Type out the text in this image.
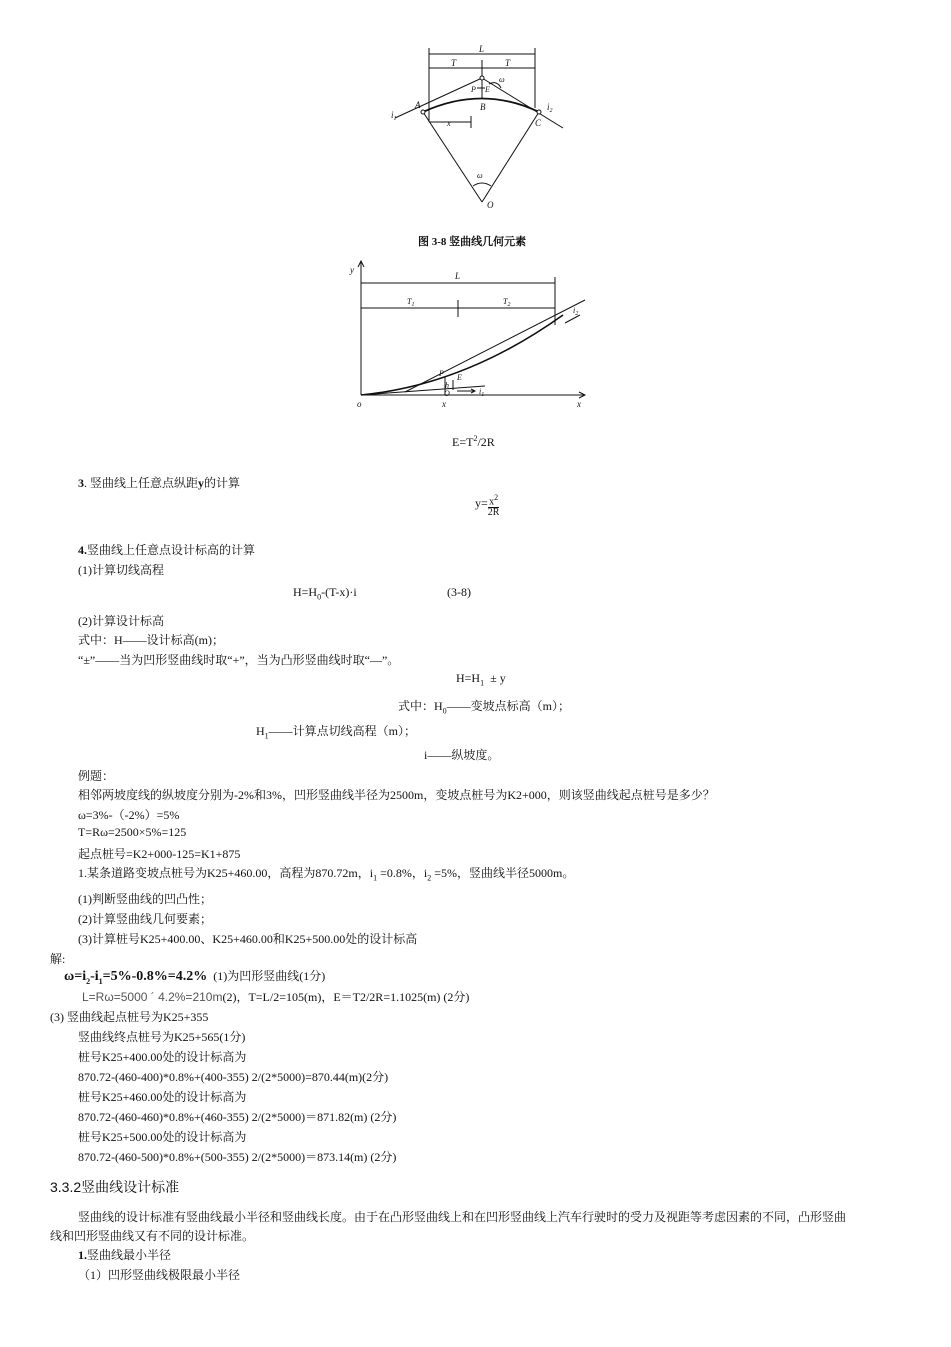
L
T	T
ω
P E
A	B
C
$i_1$
$i_2$
x
ω
O
图 3-8 竖曲线几何元素
y
L
$T_1$	$T_2$
$i_2$
P
h
E
O	$i_1$
o	x	x
$E=T^2/2R$
3. 竖曲线上任意点纵距y的计算
$y= \frac{x^2}{2R}$
4.竖曲线上任意点设计标高的计算
(1)计算切线高程
$H=H_0-(T-x)\cdot i$	(3-8)
(2)计算设计标高
式中：H——设计标高(m)；
“±”——当为凹形竖曲线时取“+”，当为凸形竖曲线时取“—”。
$H=H_1 \pm y$
式中：$H_0——$变坡点标高（m）；
$H_1——$计算点切线高程（m）；
i——纵坡度。
例题：
相邻两坡度线的纵坡度分别为-2%和3%，凹形竖曲线半径为2500m，变坡点桩号为K2+000，则该竖曲线起点桩号是多少？
ω=3%-（-2%）=5%
T=Rω=2500×5%=125
起点桩号=K2+000-125=K1+875
1.某条道路变坡点桩号为K25+460.00，高程为870.72m，$i_1 =0.8\%$，$i_2 =5\%$，竖曲线半径5000m。
(1)判断竖曲线的凹凸性；
(2)计算竖曲线几何要素；
(3)计算桩号K25+400.00、K25+460.00和K25+500.00处的设计标高
解:
$\omega=i_2-i_1=5\%-0.8\%=4.2\%$ (1)为凹形竖曲线(1分)
L=Rω=5000 ´ 4.2%=210m(2)，T=L/2=105(m)，E＝T2/2R=1.1025(m) (2分)
(3) 竖曲线起点桩号为K25+355
竖曲线终点桩号为K25+565(1分)
桩号K25+400.00处的设计标高为
870.72-(460-400)*0.8%+(400-355) 2/(2*5000)=870.44(m)(2分)
桩号K25+460.00处的设计标高为
870.72-(460-460)*0.8%+(460-355) 2/(2*5000)＝871.82(m) (2分)
桩号K25+500.00处的设计标高为
870.72-(460-500)*0.8%+(500-355) 2/(2*5000)＝873.14(m) (2分)
3.3.2竖曲线设计标准
竖曲线的设计标准有竖曲线最小半径和竖曲线长度。由于在凸形竖曲线上和在凹形竖曲线上汽车行驶时的受力及视距等考虑因素的不同，凸形竖曲
线和凹形竖曲线又有不同的设计标准。
1.竖曲线最小半径
（1）凹形竖曲线极限最小半径
